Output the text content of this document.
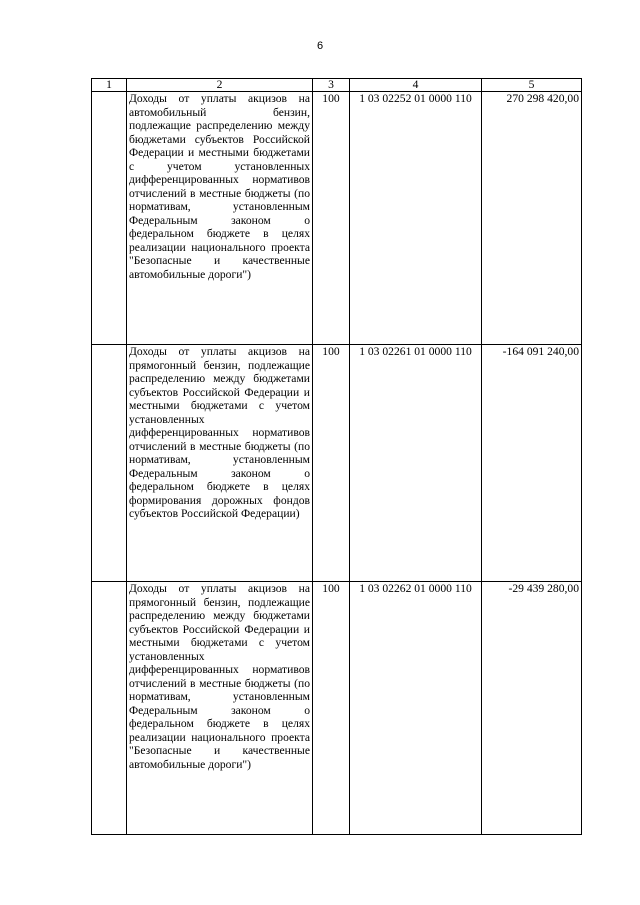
6
1	2	3	4	5
	Доходы от уплаты акцизов на автомобильный бензин, подлежащие распределению между бюджетами субъектов Российской Федерации и местными бюджетами с учетом установленных дифференцированных нормативов отчислений в местные бюджеты (по нормативам, установленным Федеральным законом о федеральном бюджете в целях реализации национального проекта "Безопасные и качественные автомобильные дороги")	100	1 03 02252 01 0000 110	270 298 420,00
	Доходы от уплаты акцизов на прямогонный бензин, подлежащие распределению между бюджетами субъектов Российской Федерации и местными бюджетами с учетом установленных дифференцированных нормативов отчислений в местные бюджеты (по нормативам, установленным Федеральным законом о федеральном бюджете в целях формирования дорожных фондов субъектов Российской Федерации)	100	1 03 02261 01 0000 110	-164 091 240,00
	Доходы от уплаты акцизов на прямогонный бензин, подлежащие распределению между бюджетами субъектов Российской Федерации и местными бюджетами с учетом установленных дифференцированных нормативов отчислений в местные бюджеты (по нормативам, установленным Федеральным законом о федеральном бюджете в целях реализации национального проекта "Безопасные и качественные автомобильные дороги")	100	1 03 02262 01 0000 110	-29 439 280,00
